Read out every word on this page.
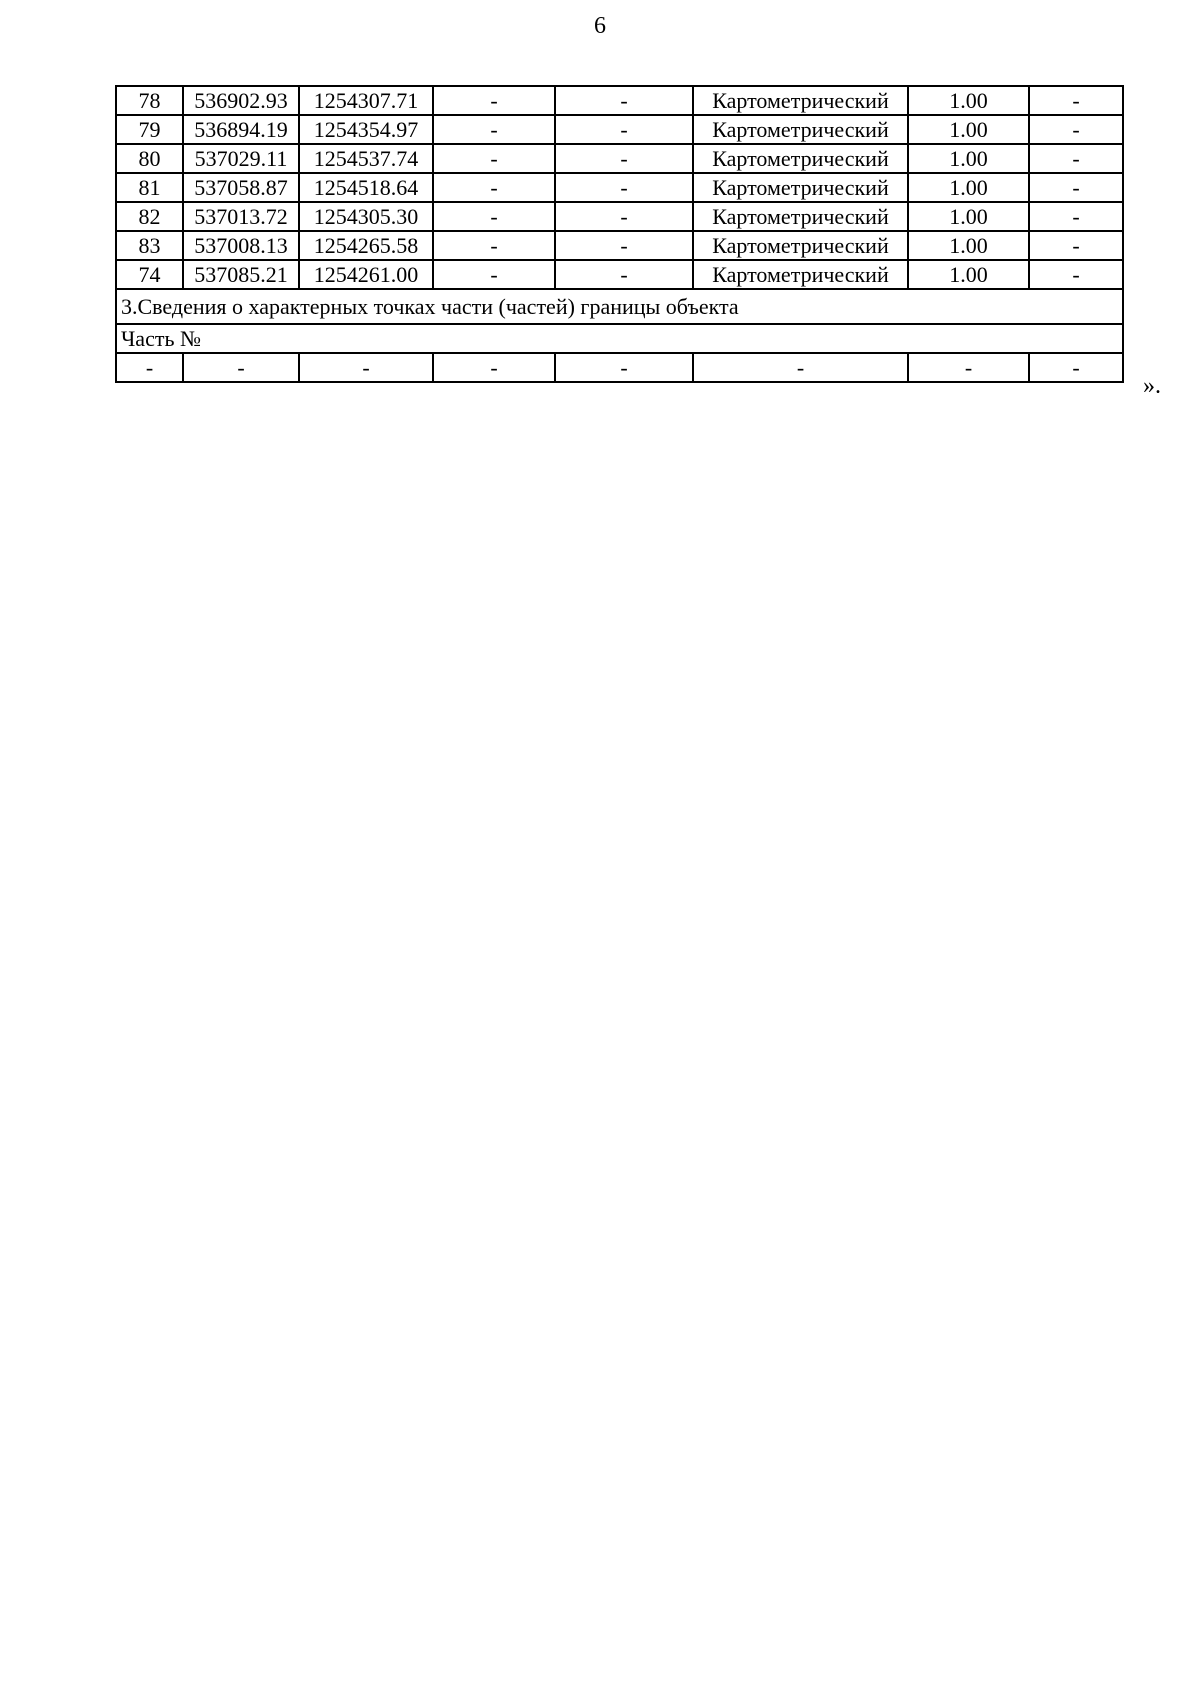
6
78	536902.93	1254307.71	-	-	Картометрический	1.00	-
79	536894.19	1254354.97	-	-	Картометрический	1.00	-
80	537029.11	1254537.74	-	-	Картометрический	1.00	-
81	537058.87	1254518.64	-	-	Картометрический	1.00	-
82	537013.72	1254305.30	-	-	Картометрический	1.00	-
83	537008.13	1254265.58	-	-	Картометрический	1.00	-
74	537085.21	1254261.00	-	-	Картометрический	1.00	-
3.Сведения о характерных точках части (частей) границы объекта							
Часть №							
-	-	-	-	-	-	-	-
».
